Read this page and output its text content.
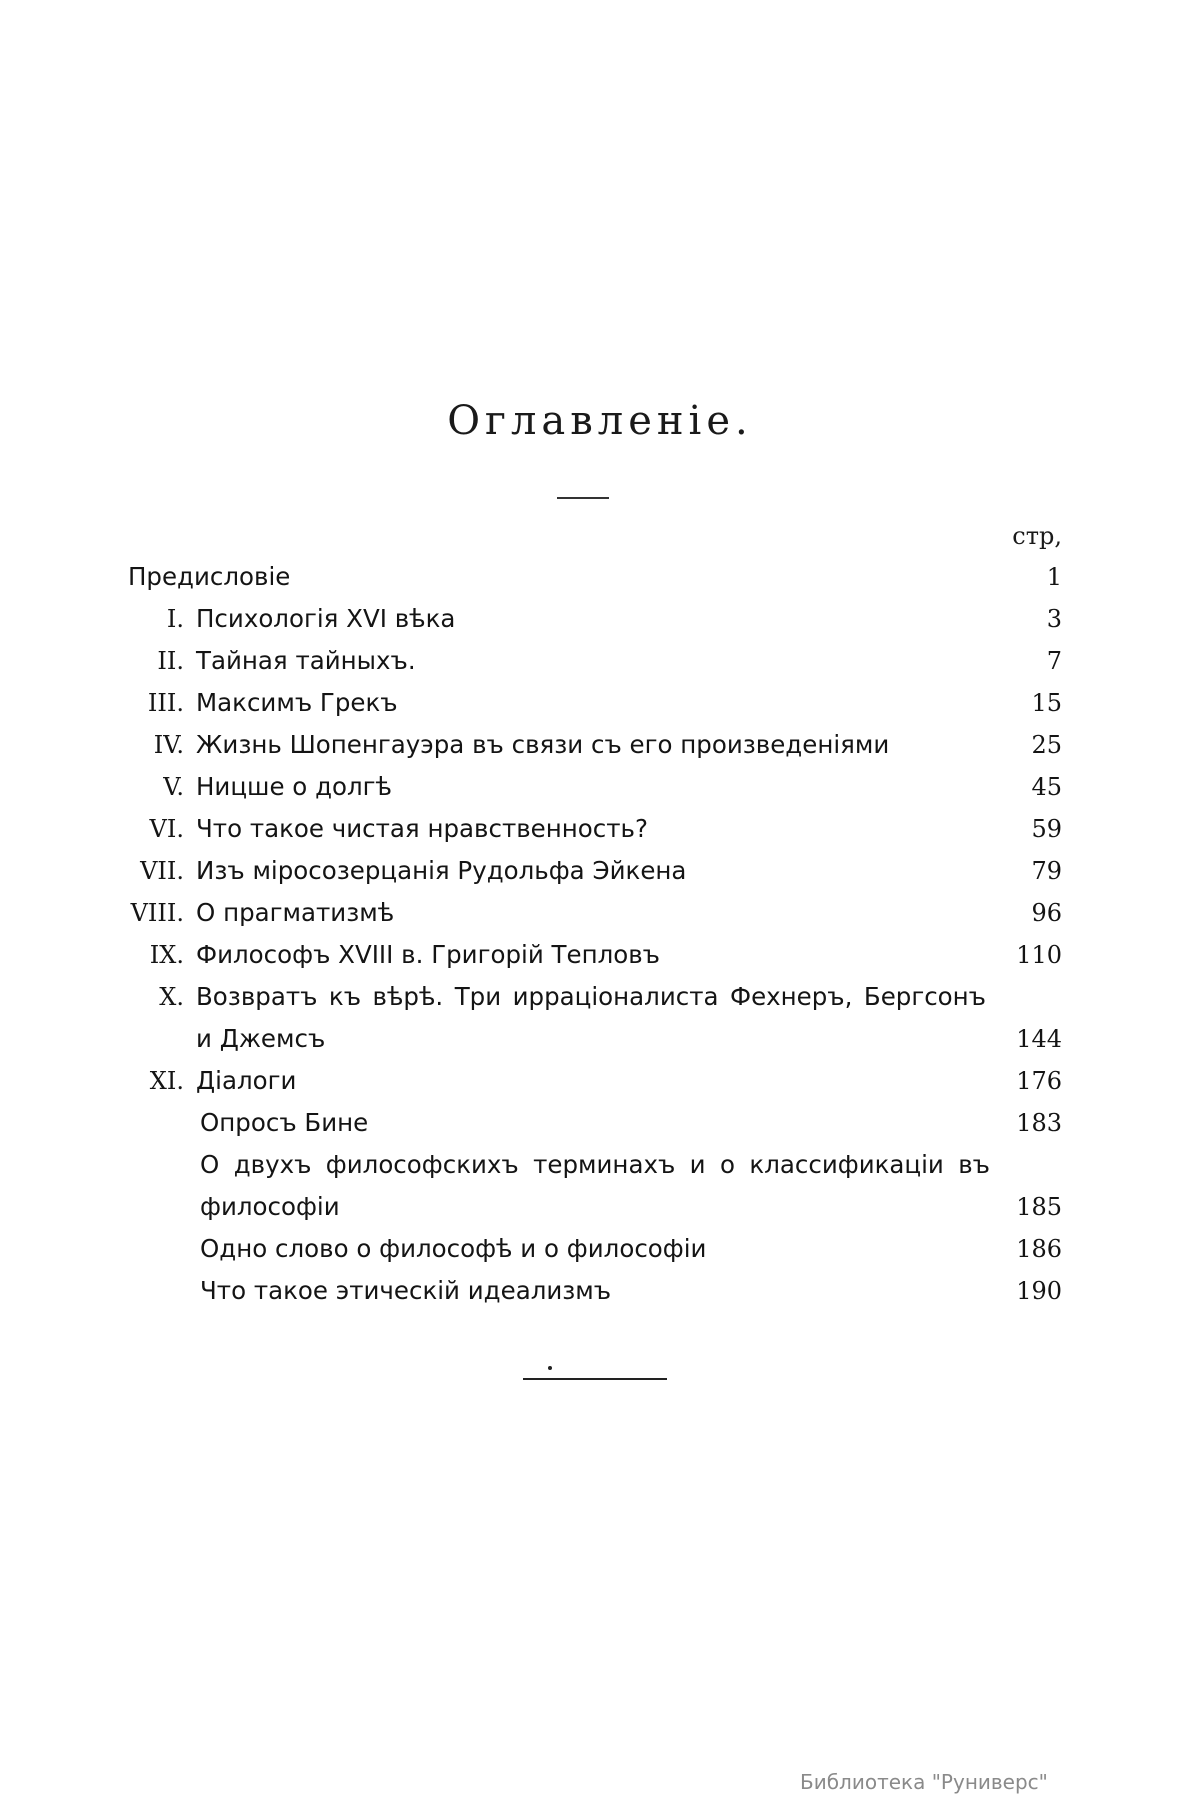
Оглавленіе.
стр,
Предисловіе	1
I. Психологія XVI вѣка	3
II. Тайная тайныхъ.	7
III. Максимъ Грекъ	15
IV. Жизнь Шопенгауэра въ связи съ его произведеніями	25
V. Ницше о долгѣ	45
VI. Что такое чистая нравственность?	59
VII. Изъ міросозерцанія Рудольфа Эйкена	79
VIII. О прагматизмѣ	96
IX. Философъ XVIII в. Григорій Тепловъ	110
X. Возвратъ къ вѣрѣ. Три ирраціоналиста Фехнеръ, Бергсонъ
и Джемсъ	144
XI. Діалоги	176
Опросъ Бине	183
О двухъ философскихъ терминахъ и о классификаціи въ
философіи	185
Одно слово о философѣ и о философіи	186
Что такое этическій идеализмъ	190
Библиотека "Руниверс"
